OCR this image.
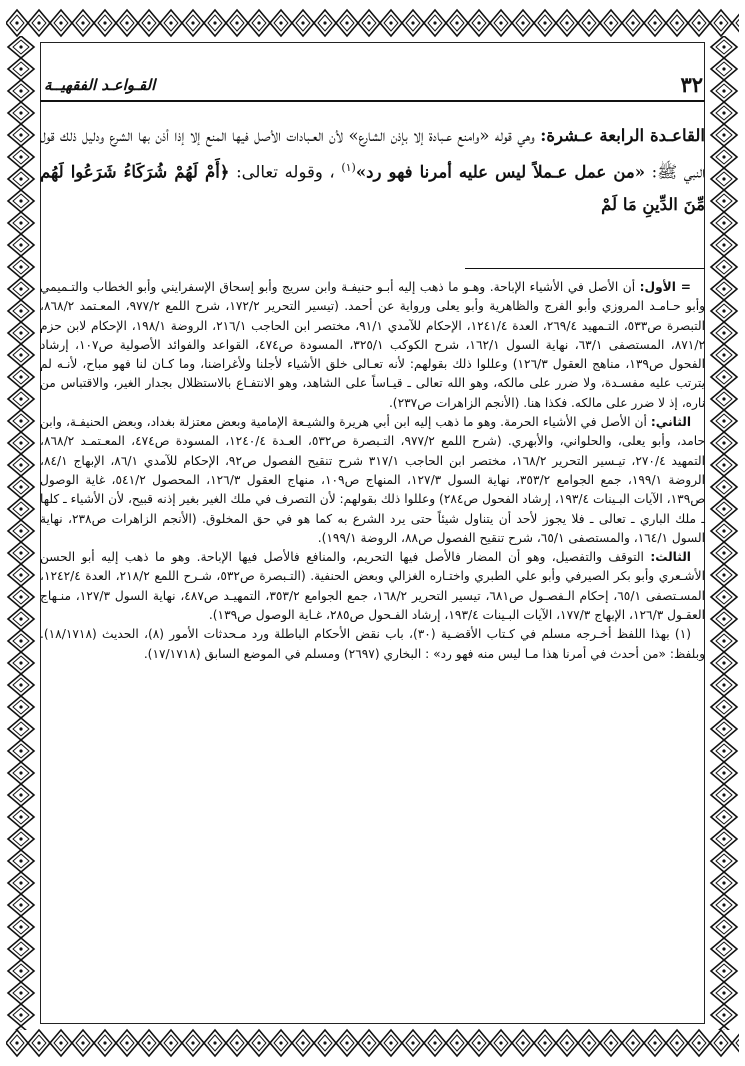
٣٢
القـواعـد الفقهيــة
القاعـدة الرابعة عـشرة: وهي قوله «وامنع عـبادة إلا بإذن الشارع» لأن العـبادات الأصل فيها المنع إلا إذا أذن بها الشرع ودليل ذلك قول النبي ﷺ: «من عمل عـملاً ليس عليه أمرنا فهو رد»$^{(١)}$ ، وقوله تعالى: ﴿أَمْ لَهُمْ شُرَكَاءُ شَرَعُوا لَهُم مِّنَ الدِّينِ مَا لَمْ

= الأول: أن الأصل في الأشياء الإباحة. وهـو ما ذهب إليه أبـو حنيفـة وابن سريج وأبو إسحاق الإسفرايني وأبو الخطاب والتـميمي وأبو حـامـد المروزي وأبو الفرج والظاهرية وأبو يعلى ورواية عن أحمد. (تيسير التحرير ١٧٢/٢، شرح اللمع ٩٧٧/٢، المعـتمد ٨٦٨/٢، التبصرة ص٥٣٣، التـمهيد ٢٦٩/٤، العدة ١٢٤١/٤، الإحكام للآمدي ٩١/١، مختصر ابن الحاجب ٢١٦/١، الروضة ١٩٨/١، الإحكام لابن حزم ٨٧١/٢، المستصفى ٦٣/١، نهاية السول ١٦٢/١، شرح الكوكب ٣٢٥/١، المسودة ص٤٧٤، القواعد والفوائد الأصولية ص١٠٧، إرشاد الفحول ص١٣٩، مناهج العقول ١٢٦/٣) وعللوا ذلك بقولهم: لأنه تعـالى خلق الأشياء لأجلنا ولأغراضنا، وما كـان لنا فهو مباح، لأنـه لم يترتب عليه مفسـدة، ولا ضرر على مالكه، وهو الله تعالى ـ قيـاساً على الشاهد، وهو الانتفـاع بالاستظلال بجدار الغير، والاقتباس من ناره، إذ لا ضرر على مالكه. فكذا هنا. (الأنجم الزاهرات ص٢٣٧).

الثاني: أن الأصل في الأشياء الحرمة. وهو ما ذهب إليه ابن أبي هريرة والشيـعة الإمامية وبعض معتزلة بغداد، وبعض الحنيفـة، وابن حامد، وأبو يعلى، والحلواني، والأبهري. (شرح اللمع ٩٧٧/٢، التـبصرة ص٥٣٢، العـدة ١٢٤٠/٤، المسودة ص٤٧٤، المعـتمـد ٨٦٨/٢، التمهيد ٢٧٠/٤، تيـسير التحرير ١٦٨/٢، مختصر ابن الحاجب ٣١٧/١ شرح تنقيح الفصول ص٩٢، الإحكام للآمدي ٨٦/١، الإبهاج ٨٤/١، الروضة ١٩٩/١، جمع الجوامع ٣٥٣/٢، نهاية السول ١٢٧/٣، المنهاج ص١٠٩، منهاج العقول ١٢٦/٣، المحصول ٥٤١/٢، غاية الوصول ص١٣٩، الآيات البـينات ١٩٣/٤، إرشاد الفحول ص٢٨٤) وعللوا ذلك بقولهم: لأن التصرف في ملك الغير بغير إذنه قبيح، لأن الأشياء ـ كلها ـ ملك الباري ـ تعالى ـ فلا يجوز لأحد أن يتناول شيئاً حتى يرد الشرع به كما هو في حق المخلوق. (الأنجم الزاهرات ص٢٣٨، نهاية السول ١٦٤/١، والمستصفى ٦٥/١، شرح تنقيح الفصول ص٨٨، الروضة ١٩٩/١).

الثالث: التوقف والتفصيل، وهو أن المضار فالأصل فيها التحريم، والمنافع فالأصل فيها الإباحة. وهو ما ذهب إليه أبو الحسن الأشـعري وأبو بكر الصيرفي وأبو علي الطبري واختـاره الغزالي وبعض الحنفية. (التـبصرة ص٥٣٢، شـرح اللمع ٢١٨/٢، العدة ١٢٤٢/٤، المسـتصفى ٦٥/١، إحكام الـفصـول ص٦٨١، تيسير التحرير ١٦٨/٢، جمع الجوامع ٣٥٣/٢، التمهيـد ص٤٨٧، نهاية السول ١٢٧/٣، منـهاج العقـول ١٢٦/٣، الإبهاج ١٧٧/٣، الآيات البـينات ١٩٣/٤، إرشاد الفـحول ص٢٨٥، غـاية الوصول ص١٣٩).

(١) بهذا اللفظ أخـرجه مسلم في كـتاب الأقضـية (٣٠)، باب نقض الأحكام الباطلة ورد مـحدثات الأمور (٨)، الحديث (١٨/١٧١٨). وبلفظ: «من أحدث في أمرنا هذا مـا ليس منه فهو رد» : البخاري (٢٦٩٧) ومسلم في الموضع السابق (١٧/١٧١٨).
